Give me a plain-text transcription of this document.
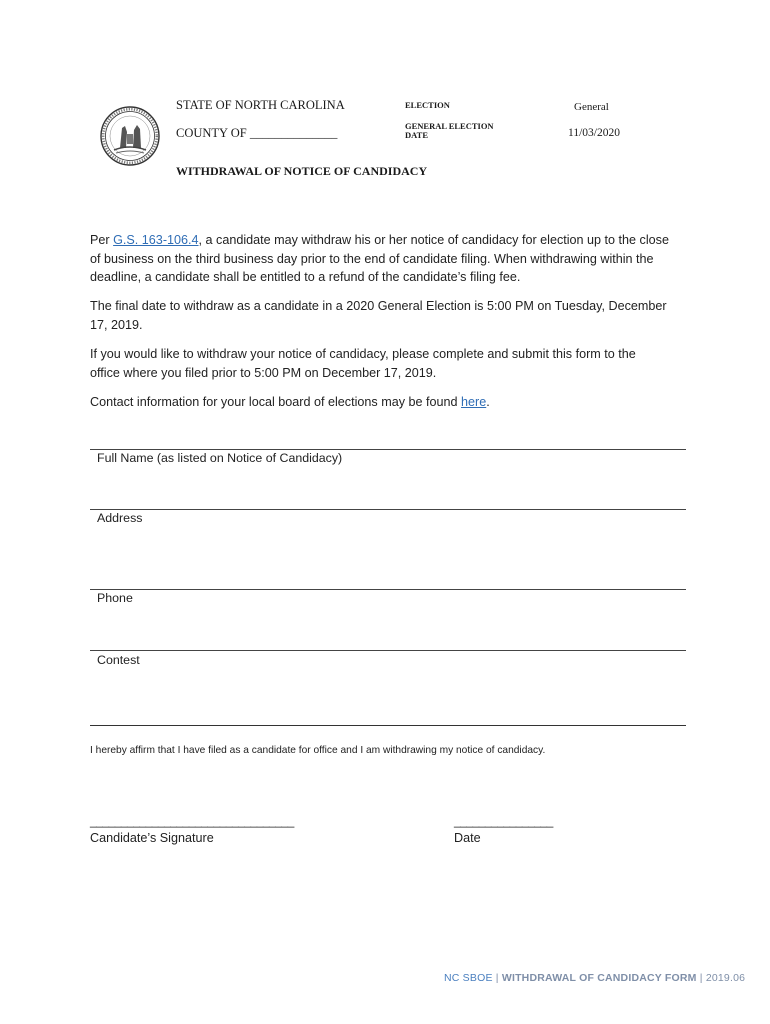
STATE OF NORTH CAROLINA
COUNTY OF ______________
ELECTION	General
GENERAL ELECTION
DATE	11/03/2020
WITHDRAWAL OF NOTICE OF CANDIDACY

Per G.S. 163-106.4, a candidate may withdraw his or her notice of candidacy for election up to the close

of business on the third business day prior to the end of candidate filing. When withdrawing within the

deadline, a candidate shall be entitled to a refund of the candidate’s filing fee.

The final date to withdraw as a candidate in a 2020 General Election is 5:00 PM on Tuesday, December

17, 2019.

If you would like to withdraw your notice of candidacy, please complete and submit this form to the

office where you filed prior to 5:00 PM on December 17, 2019.

Contact information for your local board of elections may be found here.

Full Name (as listed on Notice of Candidacy)
Address
Phone
Contest
I hereby affirm that I have filed as a candidate for office and I am withdrawing my notice of candidacy.
_________________________________
Candidate’s Signature
________________
Date
NC SBOE | WITHDRAWAL OF CANDIDACY FORM | 2019.06
